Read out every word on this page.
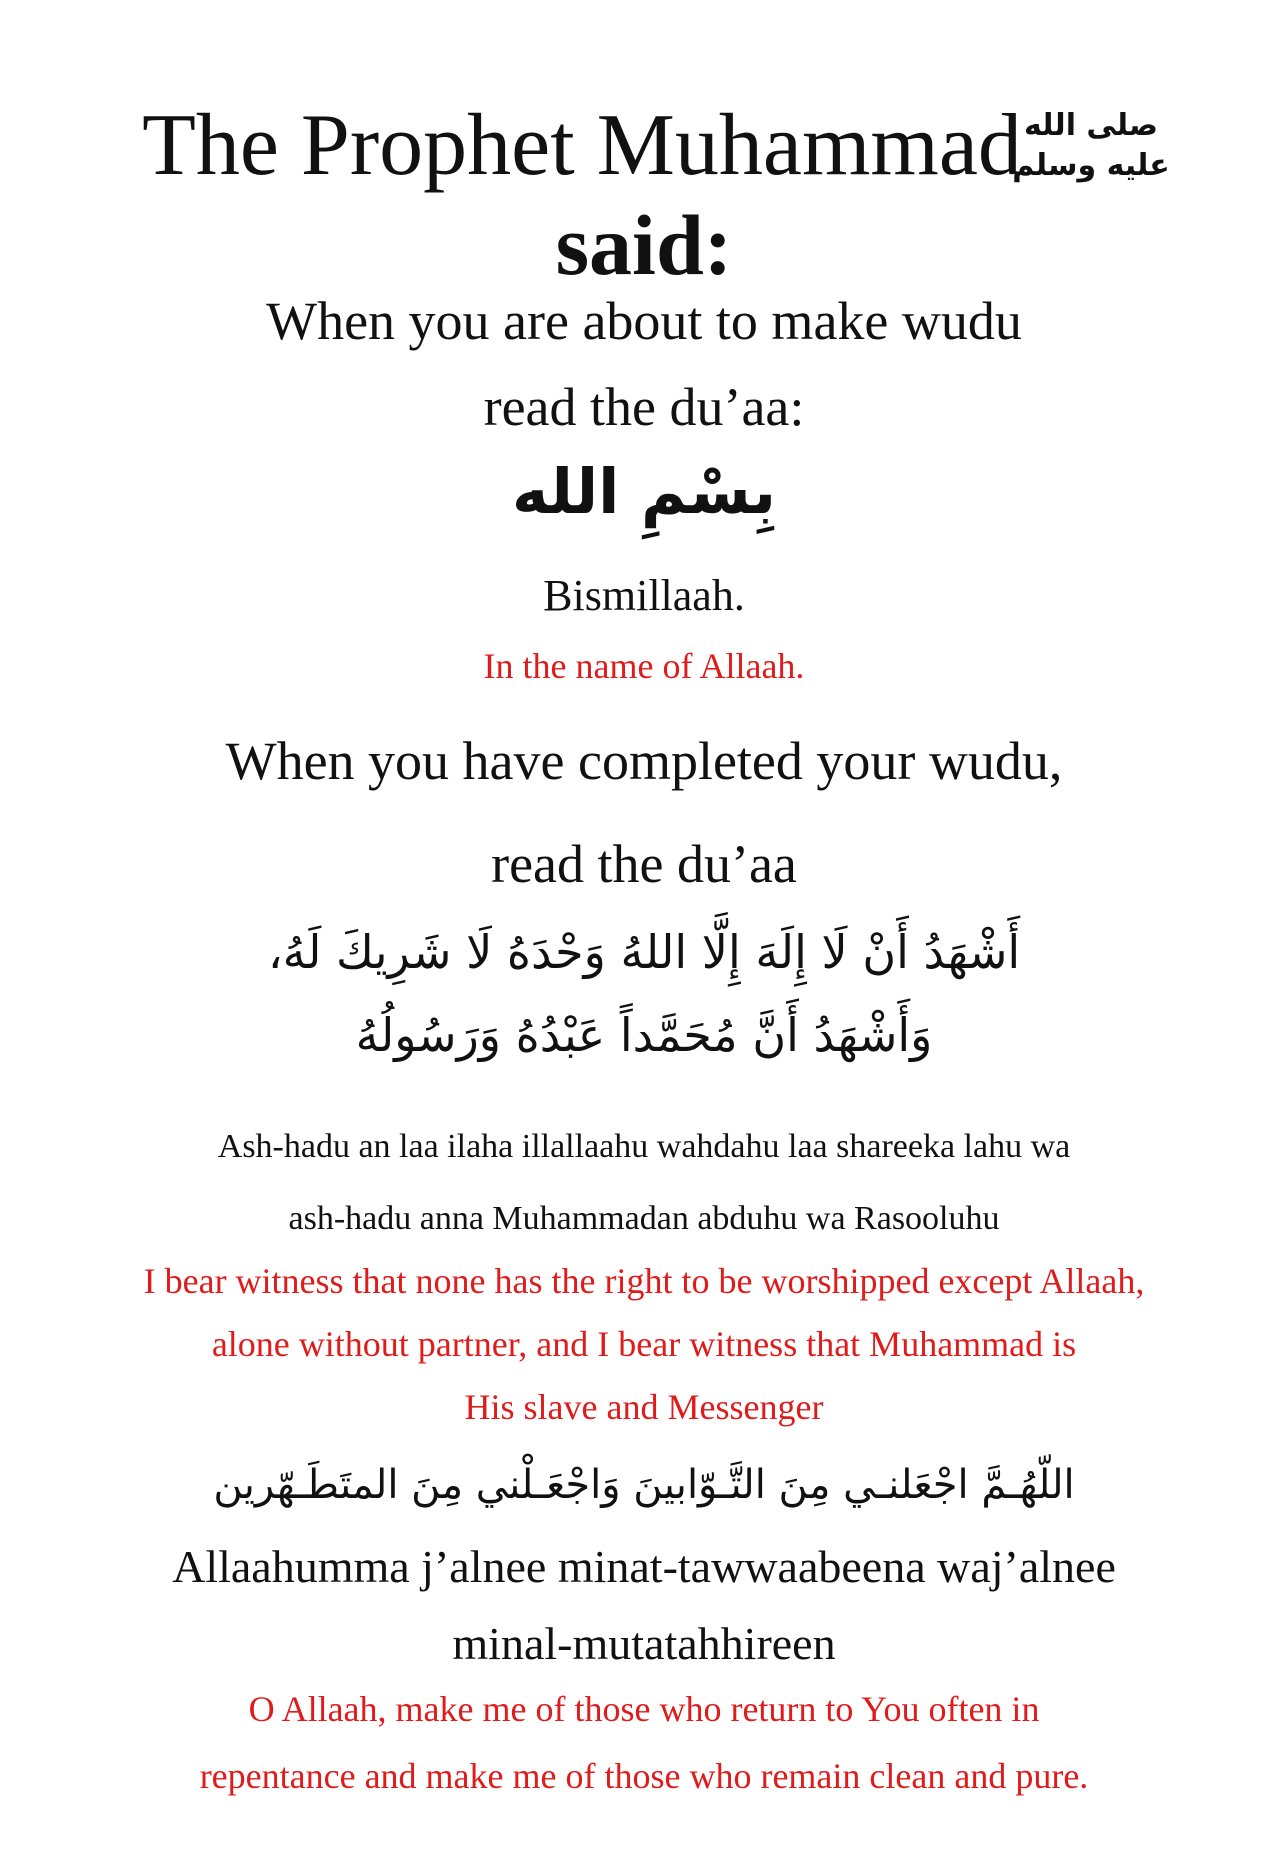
The Prophet Muhammad صلى الله
عليه وسلم
said:
When you are about to make wudu
read the du’aa:
بِسْمِ الله
Bismillaah.
In the name of Allaah.
When you have completed your wudu,
read the du’aa
أَشْهَدُ أَنْ لَا إِلَهَ إِلَّا اللهُ وَحْدَهُ لَا شَرِيكَ لَهُ،
وَأَشْهَدُ أَنَّ مُحَمَّداً عَبْدُهُ وَرَسُولُهُ
Ash-hadu an laa ilaha illallaahu wahdahu laa shareeka lahu wa
ash-hadu anna Muhammadan abduhu wa Rasooluhu
I bear witness that none has the right to be worshipped except Allaah,
alone without partner, and I bear witness that Muhammad is
His slave and Messenger
اللّهُـمَّ اجْعَلنـي مِنَ التَّـوّابينَ وَاجْعَـلْني مِنَ المتَطَـهّرين
Allaahumma j’alnee minat-tawwaabeena waj’alnee
minal-mutatahhireen
O Allaah, make me of those who return to You often in
repentance and make me of those who remain clean and pure.
